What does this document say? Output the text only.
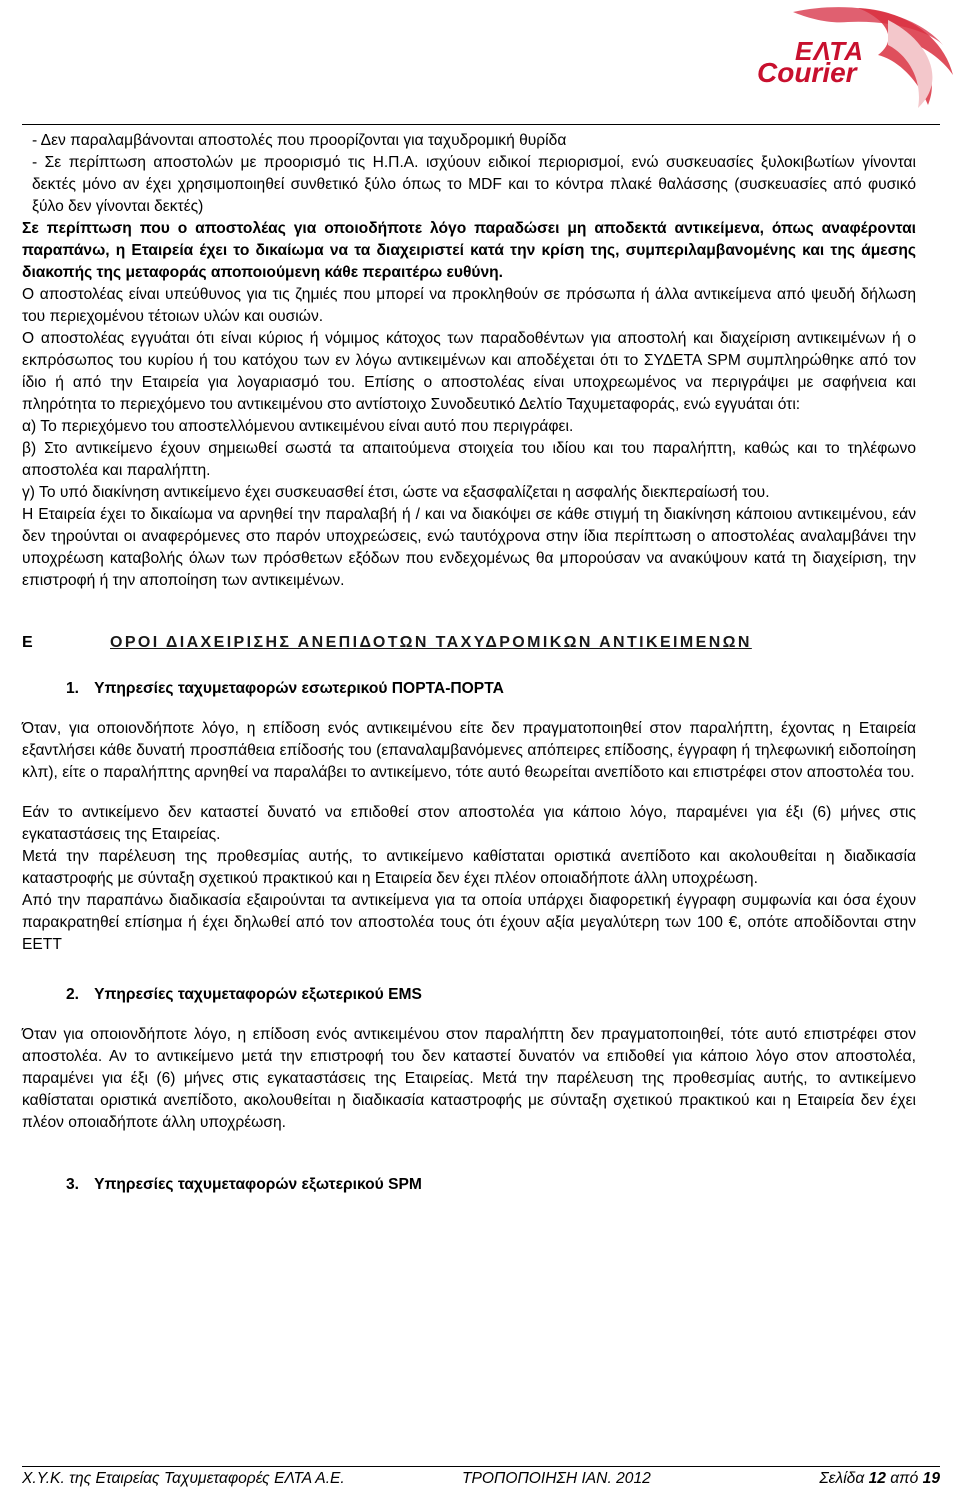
ΕΛΤΑ
Courier

- Δεν παραλαμβάνονται αποστολές που προορίζονται για ταχυδρομική θυρίδα

- Σε περίπτωση αποστολών με προορισμό τις Η.Π.Α. ισχύουν ειδικοί περιορισμοί, ενώ συσκευασίες ξυλοκιβωτίων γίνονται δεκτές μόνο αν έχει χρησιμοποιηθεί συνθετικό ξύλο όπως το MDF και το κόντρα πλακέ θαλάσσης (συσκευασίες από φυσικό ξύλο δεν γίνονται δεκτές)

Σε περίπτωση που ο αποστολέας για οποιοδήποτε λόγο παραδώσει μη αποδεκτά αντικείμενα, όπως αναφέρονται παραπάνω, η Εταιρεία έχει το δικαίωμα να τα διαχειριστεί κατά την κρίση της, συμπεριλαμβανομένης και της άμεσης διακοπής της μεταφοράς αποποιούμενη κάθε περαιτέρω ευθύνη.

Ο αποστολέας είναι υπεύθυνος για τις ζημιές που μπορεί να προκληθούν σε πρόσωπα ή άλλα αντικείμενα από ψευδή δήλωση του περιεχομένου τέτοιων υλών και ουσιών.

Ο αποστολέας εγγυάται ότι είναι κύριος ή νόμιμος κάτοχος των παραδοθέντων για αποστολή και διαχείριση αντικειμένων ή ο εκπρόσωπος του κυρίου ή του κατόχου των εν λόγω αντικειμένων και αποδέχεται ότι το ΣΥΔΕΤΑ SPM συμπληρώθηκε από τον ίδιο ή από την Εταιρεία για λογαριασμό του. Επίσης ο αποστολέας είναι υποχρεωμένος να περιγράψει με σαφήνεια και πληρότητα το περιεχόμενο του αντικειμένου στο αντίστοιχο Συνοδευτικό Δελτίο Ταχυμεταφοράς, ενώ εγγυάται ότι:

α) Το περιεχόμενο του αποστελλόμενου αντικειμένου είναι αυτό που περιγράφει.

β) Στο αντικείμενο έχουν σημειωθεί σωστά τα απαιτούμενα στοιχεία του ιδίου και του παραλήπτη, καθώς και το τηλέφωνο αποστολέα και παραλήπτη.

γ) Το υπό διακίνηση αντικείμενο έχει συσκευασθεί έτσι, ώστε να εξασφαλίζεται η ασφαλής διεκπεραίωσή του.

Η Εταιρεία έχει το δικαίωμα να αρνηθεί την παραλαβή ή / και να διακόψει σε κάθε στιγμή τη διακίνηση κάποιου αντικειμένου, εάν δεν τηρούνται οι αναφερόμενες στο παρόν υποχρεώσεις, ενώ ταυτόχρονα στην ίδια περίπτωση ο αποστολέας αναλαμβάνει την υποχρέωση καταβολής όλων των πρόσθετων εξόδων που ενδεχομένως θα μπορούσαν να ανακύψουν κατά τη διαχείριση, την επιστροφή ή την αποποίηση των αντικειμένων.

Ε	ΟΡΟΙ ΔΙΑΧΕΙΡΙΣΗΣ ΑΝΕΠΙΔΟΤΩΝ ΤΑΧΥΔΡΟΜΙΚΩΝ ΑΝΤΙΚΕΙΜΕΝΩΝ
1. Υπηρεσίες ταχυμεταφορών εσωτερικού ΠΟΡΤΑ-ΠΟΡΤΑ

Όταν, για οποιονδήποτε λόγο, η επίδοση ενός αντικειμένου είτε δεν πραγματοποιηθεί στον παραλήπτη, έχοντας η Εταιρεία εξαντλήσει κάθε δυνατή προσπάθεια επίδοσής του (επαναλαμβανόμενες απόπειρες επίδοσης, έγγραφη ή τηλεφωνική ειδοποίηση κλπ), είτε ο παραλήπτης αρνηθεί να παραλάβει το αντικείμενο, τότε αυτό θεωρείται ανεπίδοτο και επιστρέφει στον αποστολέα του.

Εάν το αντικείμενο δεν καταστεί δυνατό να επιδοθεί στον αποστολέα για κάποιο λόγο, παραμένει για έξι (6) μήνες στις εγκαταστάσεις της Εταιρείας.

Μετά την παρέλευση της προθεσμίας αυτής, το αντικείμενο καθίσταται οριστικά ανεπίδοτο και ακολουθείται η διαδικασία καταστροφής με σύνταξη σχετικού πρακτικού και η Εταιρεία δεν έχει πλέον οποιαδήποτε άλλη υποχρέωση.

Από την παραπάνω διαδικασία εξαιρούνται τα αντικείμενα για τα οποία υπάρχει διαφορετική έγγραφη συμφωνία και όσα έχουν παρακρατηθεί επίσημα ή έχει δηλωθεί από τον αποστολέα τους ότι έχουν αξία μεγαλύτερη των 100 €, οπότε αποδίδονται στην ΕΕΤΤ

2. Υπηρεσίες ταχυμεταφορών εξωτερικού EMS

Όταν για οποιονδήποτε λόγο, η επίδοση ενός αντικειμένου στον παραλήπτη δεν πραγματοποιηθεί, τότε αυτό επιστρέφει στον αποστολέα. Αν το αντικείμενο μετά την επιστροφή του δεν καταστεί δυνατόν να επιδοθεί για κάποιο λόγο στον αποστολέα, παραμένει για έξι (6) μήνες στις εγκαταστάσεις της Εταιρείας. Μετά την παρέλευση της προθεσμίας αυτής, το αντικείμενο καθίσταται οριστικά ανεπίδοτο, ακολουθείται η διαδικασία καταστροφής με σύνταξη σχετικού πρακτικού και η Εταιρεία δεν έχει πλέον οποιαδήποτε άλλη υποχρέωση.

3. Υπηρεσίες ταχυμεταφορών εξωτερικού SPM
Χ.Υ.Κ. της Εταιρείας Ταχυμεταφορές ΕΛΤΑ Α.Ε.	ΤΡΟΠΟΠΟΙΗΣΗ ΙΑΝ. 2012	Σελίδα 12 από 19
